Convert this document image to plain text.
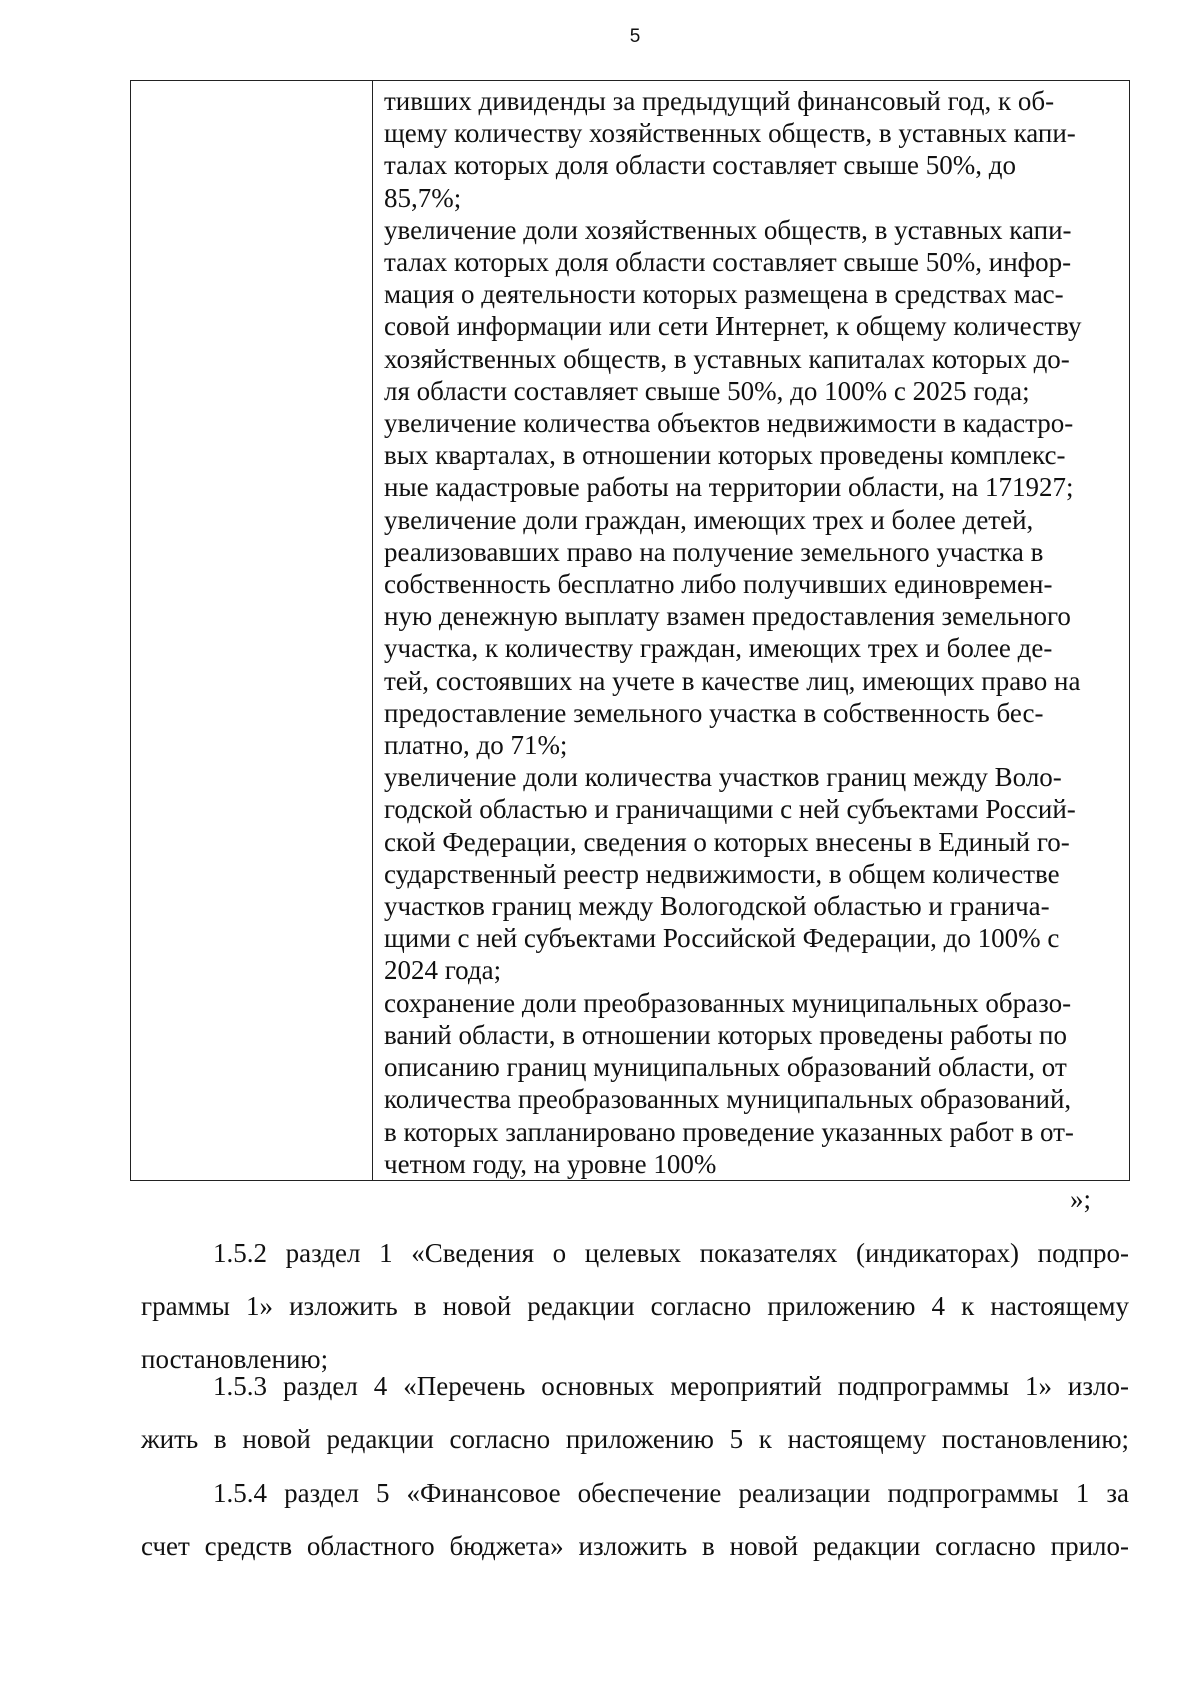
5
тивших дивиденды за предыдущий финансовый год, к об-
щему количеству хозяйственных обществ, в уставных капи-
талах которых доля области составляет свыше 50%, до
85,7%;
увеличение доли хозяйственных обществ, в уставных капи-
талах которых доля области составляет свыше 50%, инфор-
мация о деятельности которых размещена в средствах мас-
совой информации или сети Интернет, к общему количеству
хозяйственных обществ, в уставных капиталах которых до-
ля области составляет свыше 50%, до 100% с 2025 года;
увеличение количества объектов недвижимости в кадастро-
вых кварталах, в отношении которых проведены комплекс-
ные кадастровые работы на территории области, на 171927;
увеличение доли граждан, имеющих трех и более детей,
реализовавших право на получение земельного участка в
собственность бесплатно либо получивших единовремен-
ную денежную выплату взамен предоставления земельного
участка, к количеству граждан, имеющих трех и более де-
тей, состоявших на учете в качестве лиц, имеющих право на
предоставление земельного участка в собственность бес-
платно, до 71%;
увеличение доли количества участков границ между Воло-
годской областью и граничащими с ней субъектами Россий-
ской Федерации, сведения о которых внесены в Единый го-
сударственный реестр недвижимости, в общем количестве
участков границ между Вологодской областью и гранича-
щими с ней субъектами Российской Федерации, до 100% с
2024 года;
сохранение доли преобразованных муниципальных образо-
ваний области, в отношении которых проведены работы по
описанию границ муниципальных образований области, от
количества преобразованных муниципальных образований,
в которых запланировано проведение указанных работ в от-
четном году, на уровне 100%
»;
1.5.2 раздел 1 «Сведения о целевых показателях (индикаторах) подпро-
граммы 1» изложить в новой редакции согласно приложению 4 к настоящему
постановлению;
1.5.3 раздел 4 «Перечень основных мероприятий подпрограммы 1» изло-
жить в новой редакции согласно приложению 5 к настоящему постановлению;
1.5.4 раздел 5 «Финансовое обеспечение реализации подпрограммы 1 за
счет средств областного бюджета» изложить в новой редакции согласно прило-
